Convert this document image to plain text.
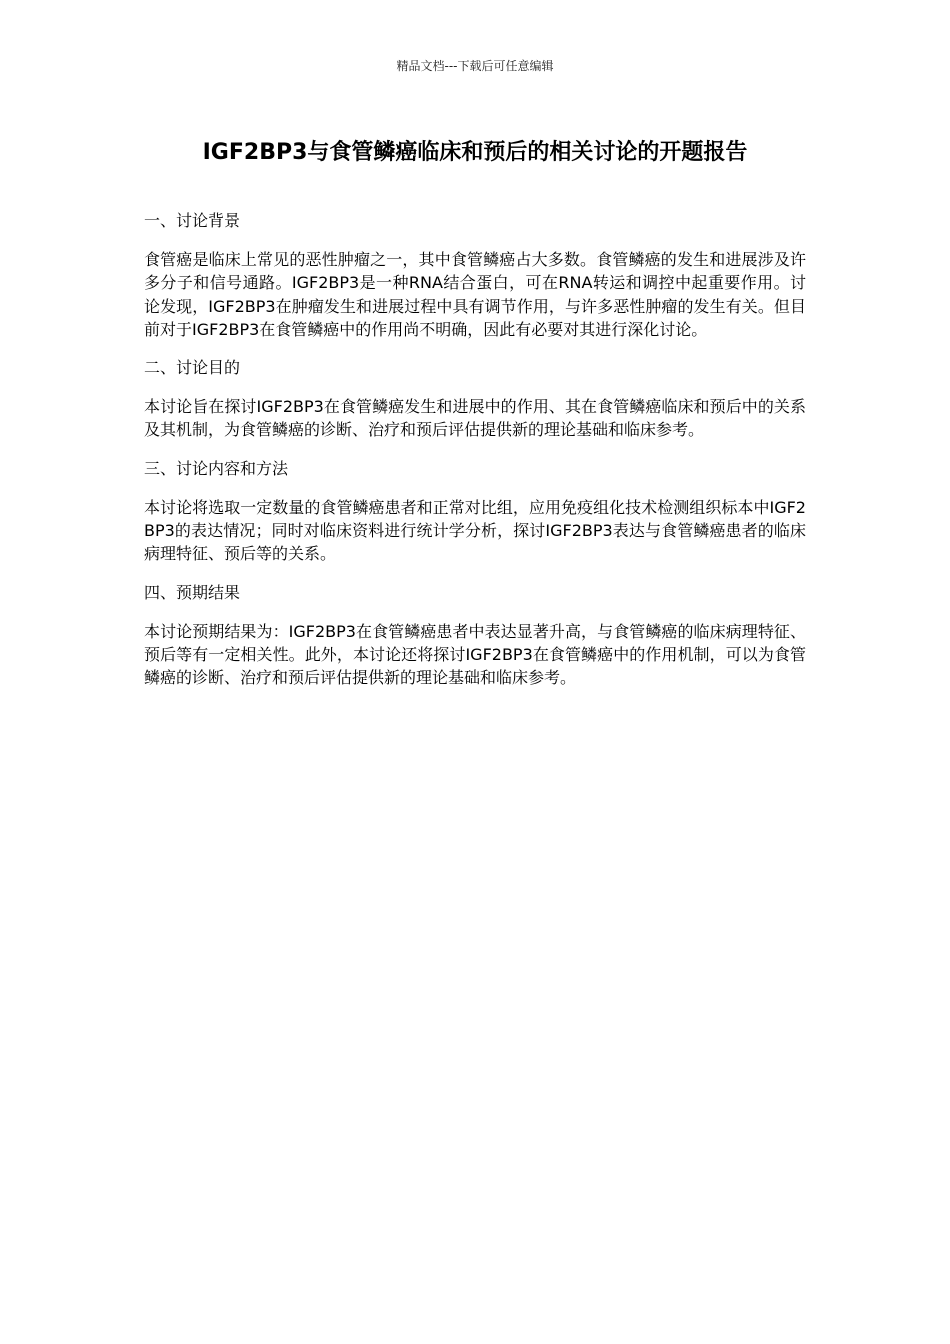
精品文档---下载后可任意编辑
IGF2BP3与食管鳞癌临床和预后的相关讨论的开题报告

一、讨论背景

食管癌是临床上常见的恶性肿瘤之一，其中食管鳞癌占大多数。食管鳞癌的发生和进展涉及许多分子和信号通路。IGF2BP3是一种RNA结合蛋白，可在RNA转运和调控中起重要作用。讨论发现，IGF2BP3在肿瘤发生和进展过程中具有调节作用，与许多恶性肿瘤的发生有关。但目前对于IGF2BP3在食管鳞癌中的作用尚不明确，因此有必要对其进行深化讨论。

二、讨论目的

本讨论旨在探讨IGF2BP3在食管鳞癌发生和进展中的作用、其在食管鳞癌临床和预后中的关系及其机制，为食管鳞癌的诊断、治疗和预后评估提供新的理论基础和临床参考。

三、讨论内容和方法

本讨论将选取一定数量的食管鳞癌患者和正常对比组，应用免疫组化技术检测组织标本中IGF2BP3的表达情况；同时对临床资料进行统计学分析，探讨IGF2BP3表达与食管鳞癌患者的临床病理特征、预后等的关系。

四、预期结果

本讨论预期结果为：IGF2BP3在食管鳞癌患者中表达显著升高，与食管鳞癌的临床病理特征、预后等有一定相关性。此外，本讨论还将探讨IGF2BP3在食管鳞癌中的作用机制，可以为食管鳞癌的诊断、治疗和预后评估提供新的理论基础和临床参考。
